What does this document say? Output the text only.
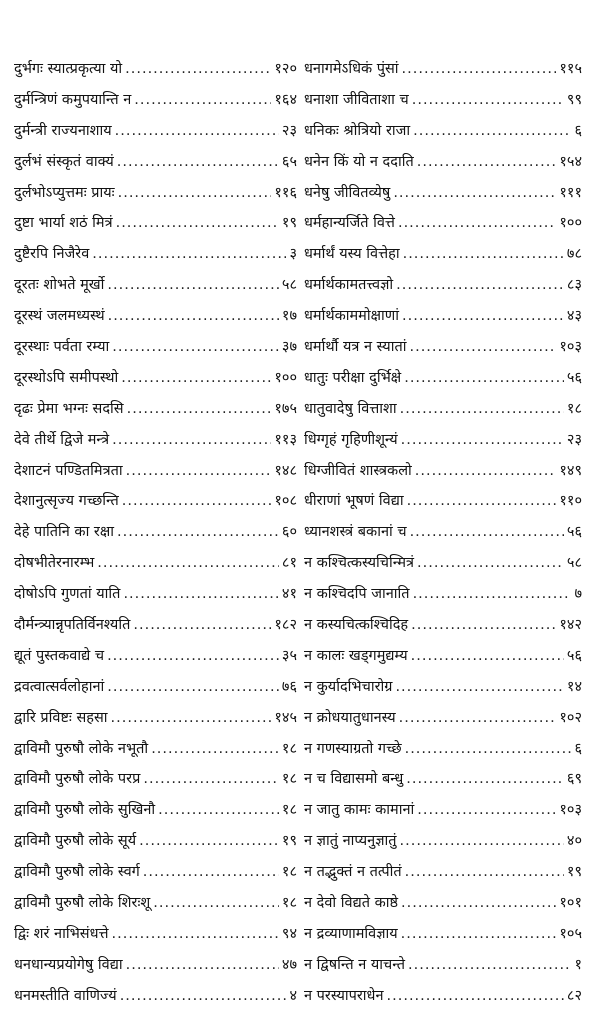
दुर्भगः स्यात्प्रकृत्या यो .....	१२०
दुर्मन्त्रिणं कमुपयान्ति न .....	१६४
दुर्मन्त्री राज्यनाशाय .....	२३
दुर्लभं संस्कृतं वाक्यं .....	६५
दुर्लभोऽप्युत्तमः प्रायः .....	११६
दुष्टा भार्या शठं मित्रं .....	१९
दुष्टैरपि निजैरेव .....	३
दूरतः शोभते मूर्खो .....	५८
दूरस्थं जलमध्यस्थं .....	१७
दूरस्थाः पर्वता रम्या .....	३७
दूरस्थोऽपि समीपस्थो .....	१००
दृढः प्रेमा भग्नः सदसि .....	१७५
देवे तीर्थे द्विजे मन्त्रे .....	११३
देशाटनं पण्डितमित्रता .....	१४८
देशानुत्सृज्य गच्छन्ति .....	१०८
देहे पातिनि का रक्षा .....	६०
दोषभीतेरनारम्भ .....	८१
दोषोऽपि गुणतां याति .....	४१
दौर्मन्त्र्यान्नृपतिर्विनश्यति .....	१८२
द्यूतं पुस्तकवाद्ये च .....	३५
द्रवत्वात्सर्वलोहानां .....	७६
द्वारि प्रविष्टः सहसा .....	१४५
द्वाविमौ पुरुषौ लोके नभूतौ .....	१८
द्वाविमौ पुरुषौ लोके परप्र .....	१८
द्वाविमौ पुरुषौ लोके सुखिनौ .....	१८
द्वाविमौ पुरुषौ लोके सूर्य .....	१९
द्वाविमौ पुरुषौ लोके स्वर्ग .....	१८
द्वाविमौ पुरुषौ लोके शिरःशू .....	१८
द्विः शरं नाभिसंधत्ते .....	९४
धनधान्यप्रयोगेषु विद्या .....	४७
धनमस्तीति वाणिज्यं .....	४
धनागमेऽधिकं पुंसां .....	११५
धनाशा जीविताशा च .....	९९
धनिकः श्रोत्रियो राजा .....	६
धनेन किं यो न ददाति .....	१५४
धनेषु जीवितव्येषु .....	१११
धर्महान्यर्जिते वित्ते .....	१००
धर्मार्थं यस्य वित्तेहा .....	७८
धर्मार्थकामतत्त्वज्ञो .....	८३
धर्मार्थकाममोक्षाणां .....	४३
धर्मार्थौ यत्र न स्यातां .....	१०३
धातुः परीक्षा दुर्भिक्षे .....	५६
धातुवादेषु वित्ताशा .....	१८
धिग्गृहं गृहिणीशून्यं .....	२३
धिग्जीवितं शास्त्रकलो .....	१४९
धीराणां भूषणं विद्या .....	११०
ध्यानशस्त्रं बकानां च .....	५६
न कश्चित्कस्यचिन्मित्रं .....	५८
न कश्चिदपि जानाति .....	७
न कस्यचित्कश्चिदिह .....	१४२
न कालः खड्गमुद्यम्य .....	५६
न कुर्यादभिचारोग्र .....	१४
न क्रोधयातुधानस्य .....	१०२
न गणस्याग्रतो गच्छे .....	६
न च विद्यासमो बन्धु .....	६९
न जातु कामः कामानां .....	१०३
न ज्ञातुं नाप्यनुज्ञातुं .....	४०
न तद्भुक्तं न तत्पीतं .....	१९
न देवो विद्यते काष्ठे .....	१०१
न द्रव्याणामविज्ञाय .....	१०५
न द्विषन्ति न याचन्ते .....	१
न परस्यापराधेन .....	८२
